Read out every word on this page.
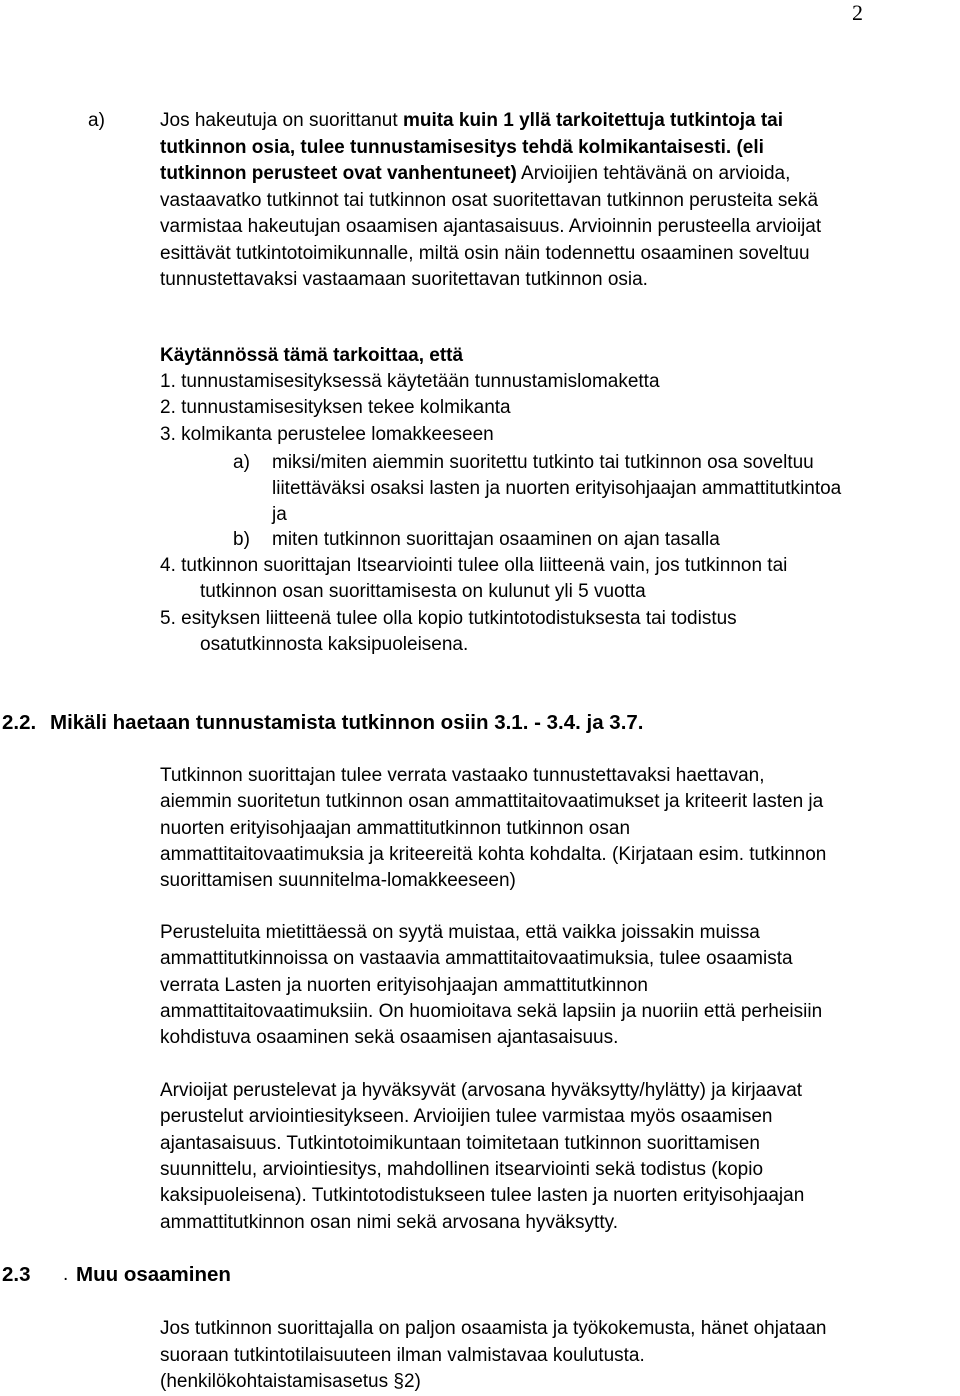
2
a)	Jos hakeutuja on suorittanut muita kuin 1 yllä tarkoitettuja tutkintoja tai
tutkinnon osia, tulee tunnustamisesitys tehdä kolmikantaisesti. (eli
tutkinnon perusteet ovat vanhentuneet) Arvioijien tehtävänä on arvioida,
vastaavatko tutkinnot tai tutkinnon osat suoritettavan tutkinnon perusteita sekä
varmistaa hakeutujan osaamisen ajantasaisuus. Arvioinnin perusteella arvioijat
esittävät tutkintotoimikunnalle, miltä osin näin todennettu osaaminen soveltuu
tunnustettavaksi vastaamaan suoritettavan tutkinnon osia.
Käytännössä tämä tarkoittaa, että
1. tunnustamisesityksessä käytetään tunnustamislomaketta
2. tunnustamisesityksen tekee kolmikanta
3. kolmikanta perustelee lomakkeeseen
a) miksi/miten aiemmin suoritettu tutkinto tai tutkinnon osa soveltuu
liitettäväksi osaksi lasten ja nuorten erityisohjaajan ammattitutkintoa
ja
b) miten tutkinnon suorittajan osaaminen on ajan tasalla
4. tutkinnon suorittajan Itsearviointi tulee olla liitteenä vain, jos tutkinnon tai
tutkinnon osan suorittamisesta on kulunut yli 5 vuotta
5. esityksen liitteenä tulee olla kopio tutkintotodistuksesta tai todistus
osatutkinnosta kaksipuoleisena.
2.2. Mikäli haetaan tunnustamista tutkinnon osiin 3.1. - 3.4. ja 3.7.
Tutkinnon suorittajan tulee verrata vastaako tunnustettavaksi haettavan,
aiemmin suoritetun tutkinnon osan ammattitaitovaatimukset ja kriteerit lasten ja
nuorten erityisohjaajan ammattitutkinnon tutkinnon osan
ammattitaitovaatimuksia ja kriteereitä kohta kohdalta. (Kirjataan esim. tutkinnon
suorittamisen suunnitelma-lomakkeeseen)
Perusteluita mietittäessä on syytä muistaa, että vaikka joissakin muissa
ammattitutkinnoissa on vastaavia ammattitaitovaatimuksia, tulee osaamista
verrata Lasten ja nuorten erityisohjaajan ammattitutkinnon
ammattitaitovaatimuksiin. On huomioitava sekä lapsiin ja nuoriin että perheisiin
kohdistuva osaaminen sekä osaamisen ajantasaisuus.
Arvioijat perustelevat ja hyväksyvät (arvosana hyväksytty/hylätty) ja kirjaavat
perustelut arviointiesitykseen. Arvioijien tulee varmistaa myös osaamisen
ajantasaisuus. Tutkintotoimikuntaan toimitetaan tutkinnon suorittamisen
suunnittelu, arviointiesitys, mahdollinen itsearviointi sekä todistus (kopio
kaksipuoleisena). Tutkintotodistukseen tulee lasten ja nuorten erityisohjaajan
ammattitutkinnon osan nimi sekä arvosana hyväksytty.
2.3 . Muu osaaminen
Jos tutkinnon suorittajalla on paljon osaamista ja työkokemusta, hänet ohjataan
suoraan tutkintotilaisuuteen ilman valmistavaa koulutusta.
(henkilökohtaistamisasetus §2)
